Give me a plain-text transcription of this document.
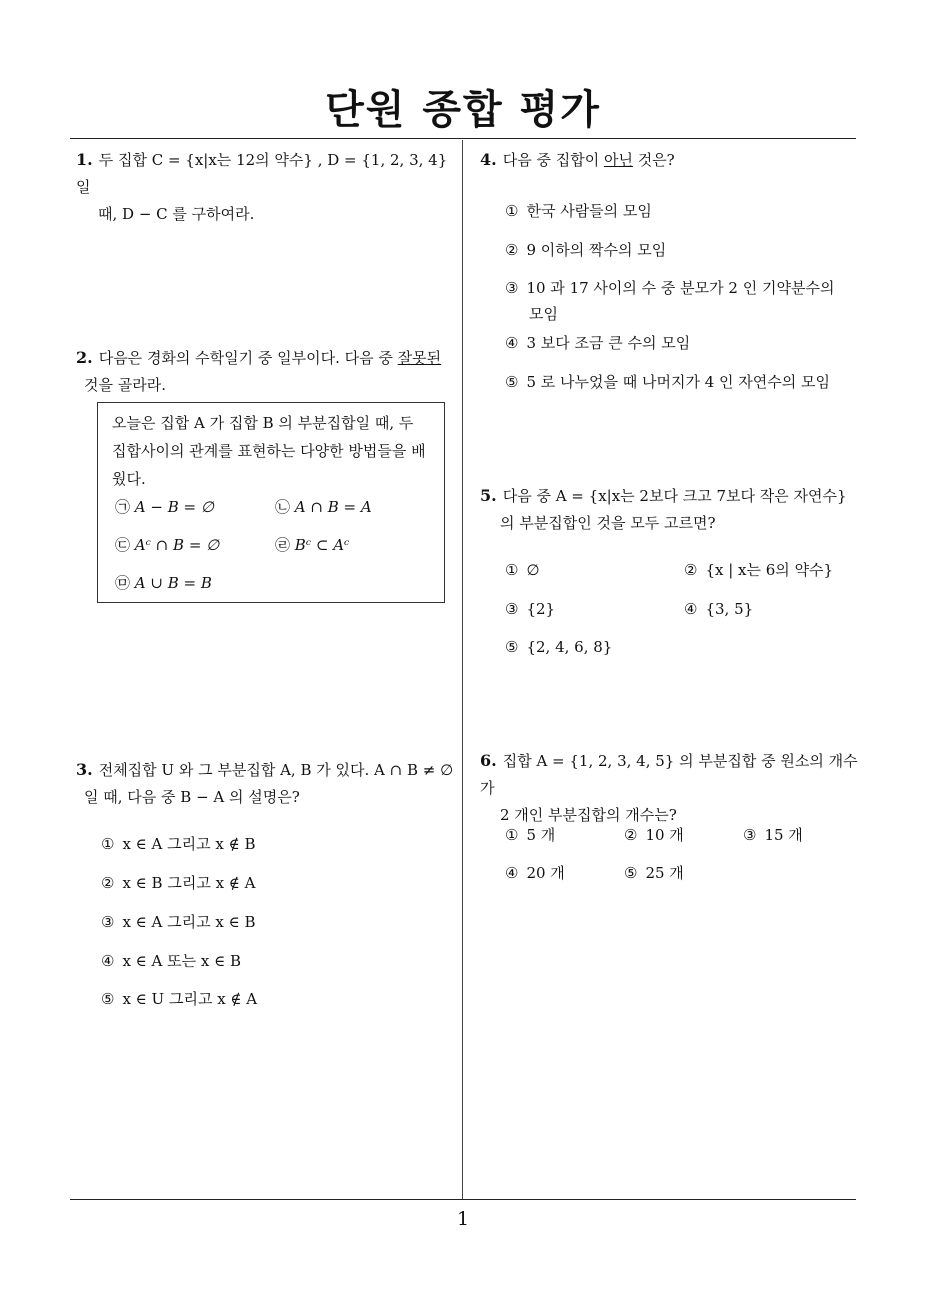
단원 종합 평가
1
1. 두 집합 C = {x|x는 12의 약수} , D = {1, 2, 3, 4} 일
때, D − C 를 구하여라.
2. 다음은 경화의 수학일기 중 일부이다. 다음 중 잘못된
것을 골라라.
오늘은 집합 A 가 집합 B 의 부분집합일 때, 두
집합사이의 관계를 표현하는 다양한 방법들을 배
웠다.
㉠ A − B = ∅	㉡ A ∩ B = A
㉢ Aᶜ ∩ B = ∅	㉣ Bᶜ ⊂ Aᶜ
㉤ A ∪ B = B
3. 전체집합 U 와 그 부분집합 A, B 가 있다. A ∩ B ≠ ∅
일 때, 다음 중 B − A 의 설명은?
① x ∈ A 그리고 x ∉ B
② x ∈ B 그리고 x ∉ A
③ x ∈ A 그리고 x ∈ B
④ x ∈ A 또는 x ∈ B
⑤ x ∈ U 그리고 x ∉ A
4. 다음 중 집합이 아닌 것은?
① 한국 사람들의 모임
② 9 이하의 짝수의 모임
③ 10 과 17 사이의 수 중 분모가 2 인 기약분수의
모임
④ 3 보다 조금 큰 수의 모임
⑤ 5 로 나누었을 때 나머지가 4 인 자연수의 모임
5. 다음 중 A = {x|x는 2보다 크고 7보다 작은 자연수}
의 부분집합인 것을 모두 고르면?
① ∅	② {x | x는 6의 약수}
③ {2}	④ {3, 5}
⑤ {2, 4, 6, 8}
6. 집합 A = {1, 2, 3, 4, 5} 의 부분집합 중 원소의 개수가
2 개인 부분집합의 개수는?
① 5 개	② 10 개	③ 15 개
④ 20 개	⑤ 25 개
